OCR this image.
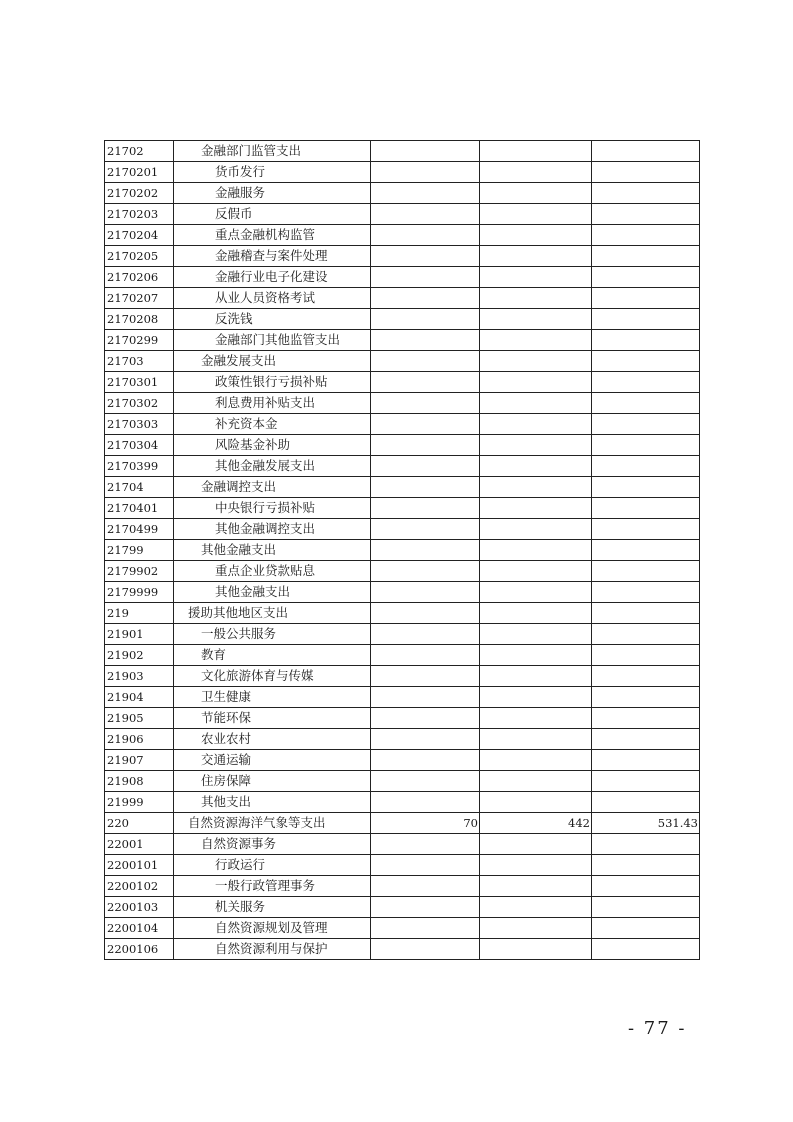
21702	金融部门监管支出			
2170201	货币发行			
2170202	金融服务			
2170203	反假币			
2170204	重点金融机构监管			
2170205	金融稽查与案件处理			
2170206	金融行业电子化建设			
2170207	从业人员资格考试			
2170208	反洗钱			
2170299	金融部门其他监管支出			
21703	金融发展支出			
2170301	政策性银行亏损补贴			
2170302	利息费用补贴支出			
2170303	补充资本金			
2170304	风险基金补助			
2170399	其他金融发展支出			
21704	金融调控支出			
2170401	中央银行亏损补贴			
2170499	其他金融调控支出			
21799	其他金融支出			
2179902	重点企业贷款贴息			
2179999	其他金融支出			
219	援助其他地区支出			
21901	一般公共服务			
21902	教育			
21903	文化旅游体育与传媒			
21904	卫生健康			
21905	节能环保			
21906	农业农村			
21907	交通运输			
21908	住房保障			
21999	其他支出			
220	自然资源海洋气象等支出	70	442	531.43
22001	自然资源事务			
2200101	行政运行			
2200102	一般行政管理事务			
2200103	机关服务			
2200104	自然资源规划及管理			
2200106	自然资源利用与保护			
- 77 -
